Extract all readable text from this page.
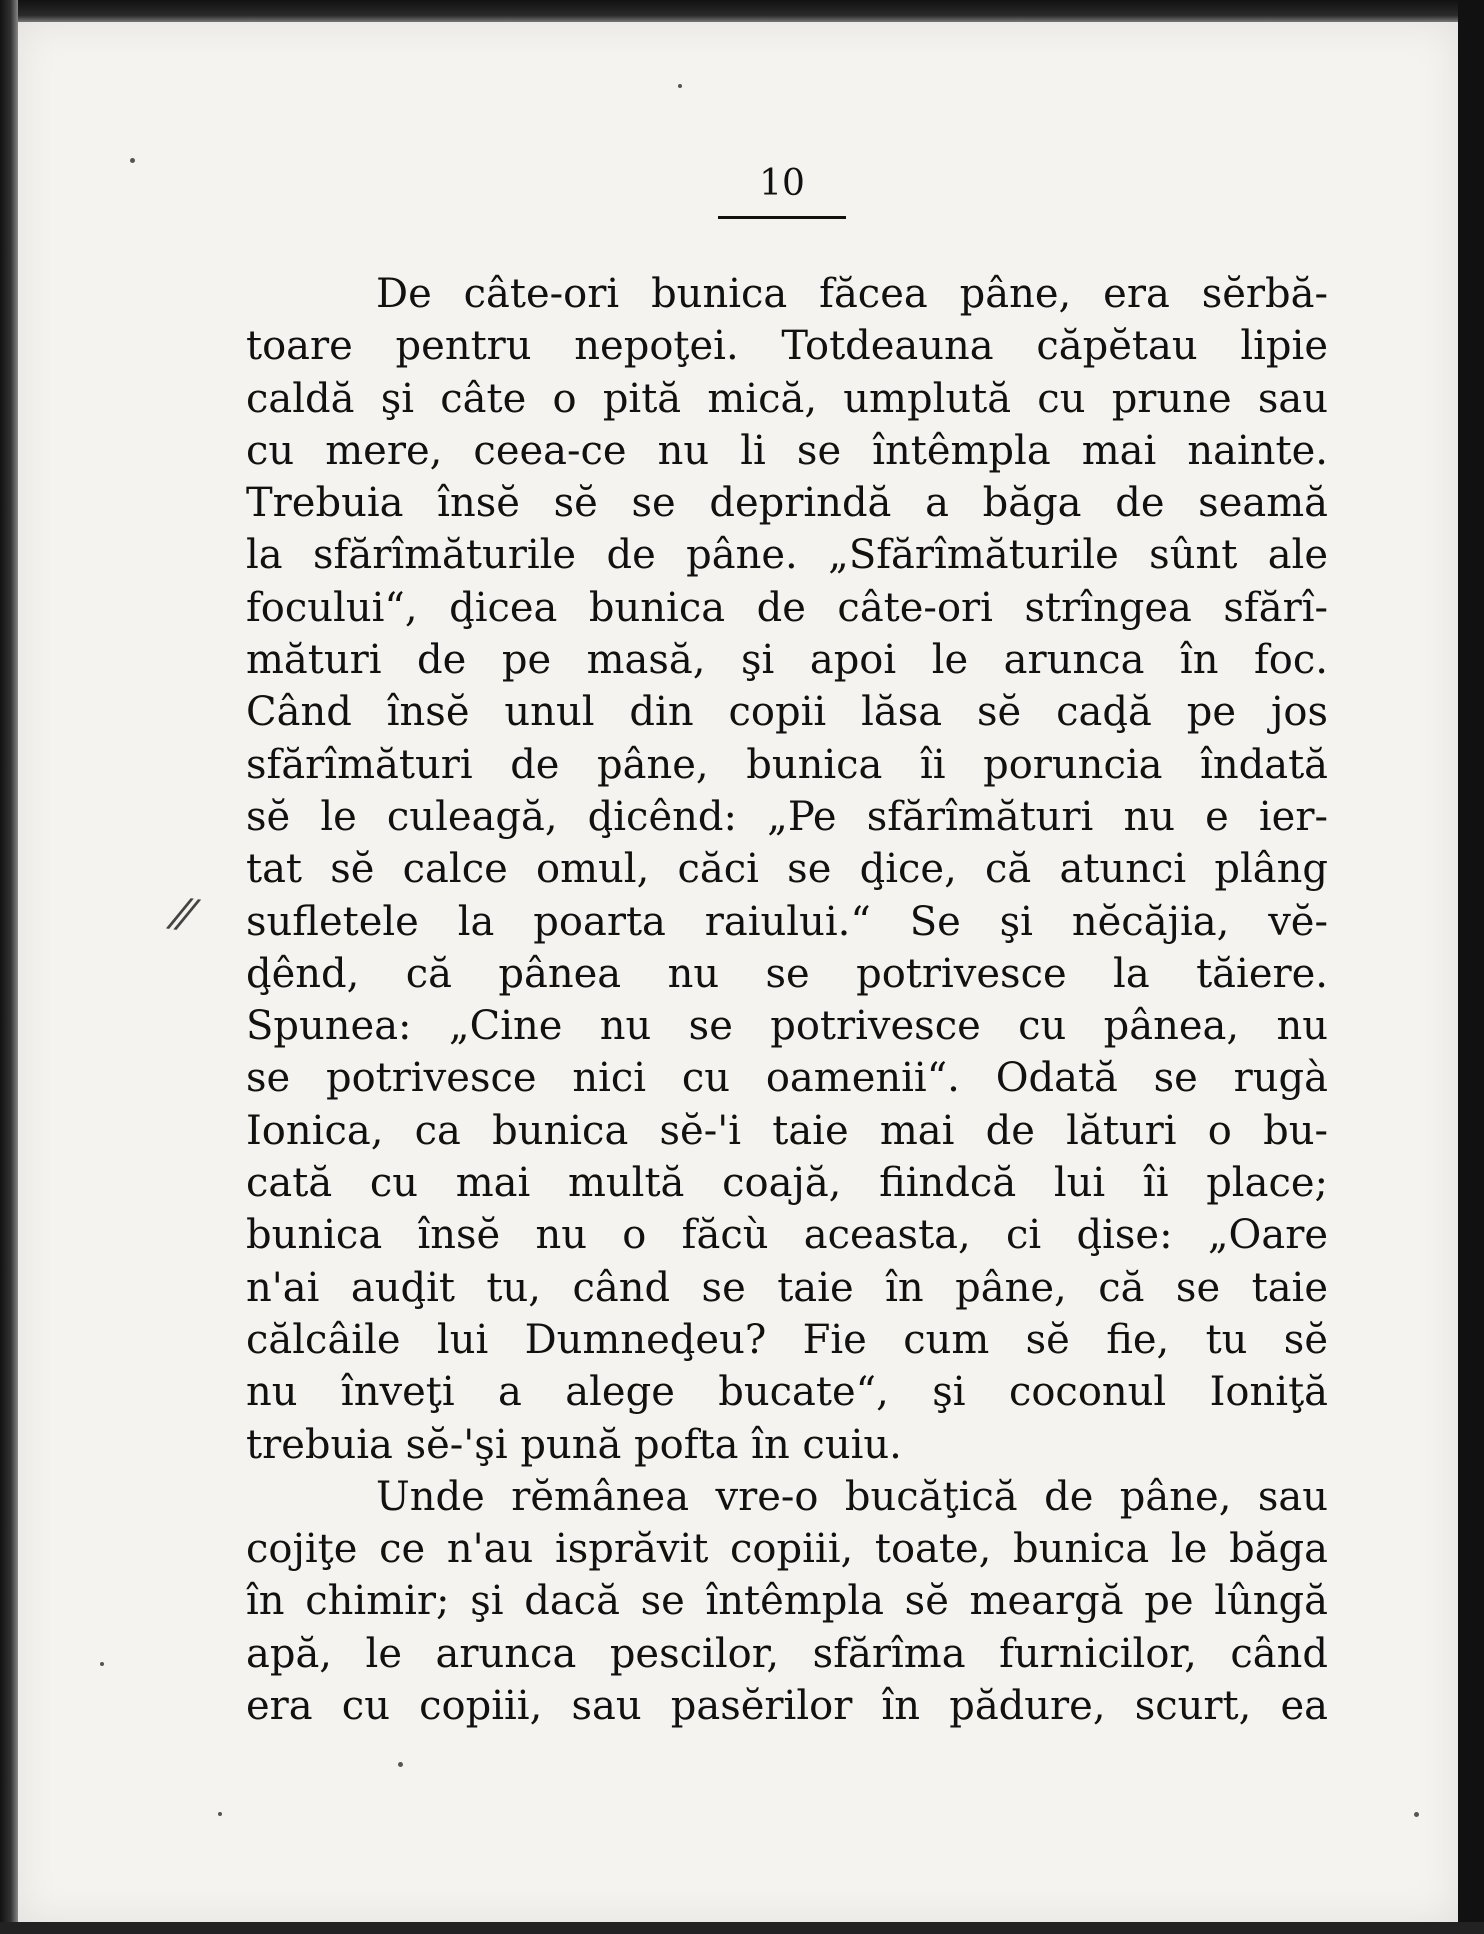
⁄⁄
10
De câte-ori bunica făcea pâne, era sĕrbă-
toare pentru nepoţei. Totdeauna căpĕtau lipie
caldă şi câte o pită mică, umplută cu prune sau
cu mere, ceea-ce nu li se întêmpla mai nainte.
Trebuia însĕ sĕ se deprindă a băga de seamă
la sfărîmăturile de pâne. „Sfărîmăturile sûnt ale
focului“, ḑicea bunica de câte-ori strîngea sfărî-
mături de pe masă, şi apoi le arunca în foc.
Când însĕ unul din copii lăsa sĕ caḑă pe jos
sfărîmături de pâne, bunica îi poruncia îndată
sĕ le culeagă, ḑicênd: „Pe sfărîmături nu e ier-
tat sĕ calce omul, căci se ḑice, că atunci plâng
sufletele la poarta raiului.“ Se şi nĕcăjia, vĕ-
ḑênd, că pânea nu se potrivesce la tăiere.
Spunea: „Cine nu se potrivesce cu pânea, nu
se potrivesce nici cu oamenii“. Odată se rugà
Ionica, ca bunica sĕ-'i taie mai de lături o bu-
cată cu mai multă coajă, fiindcă lui îi place;
bunica însĕ nu o făcù aceasta, ci ḑise: „Oare
n'ai auḑit tu, când se taie în pâne, că se taie
călcâile lui Dumneḑeu? Fie cum sĕ fie, tu sĕ
nu înveţi a alege bucate“, şi coconul Ioniţă
trebuia sĕ-'şi pună pofta în cuiu.
Unde rĕmânea vre-o bucăţică de pâne, sau
cojiţe ce n'au isprăvit copiii, toate, bunica le băga
în chimir; şi dacă se întêmpla sĕ meargă pe lûngă
apă, le arunca pescilor, sfărîma furnicilor, când
era cu copiii, sau pasĕrilor în pădure, scurt, ea
